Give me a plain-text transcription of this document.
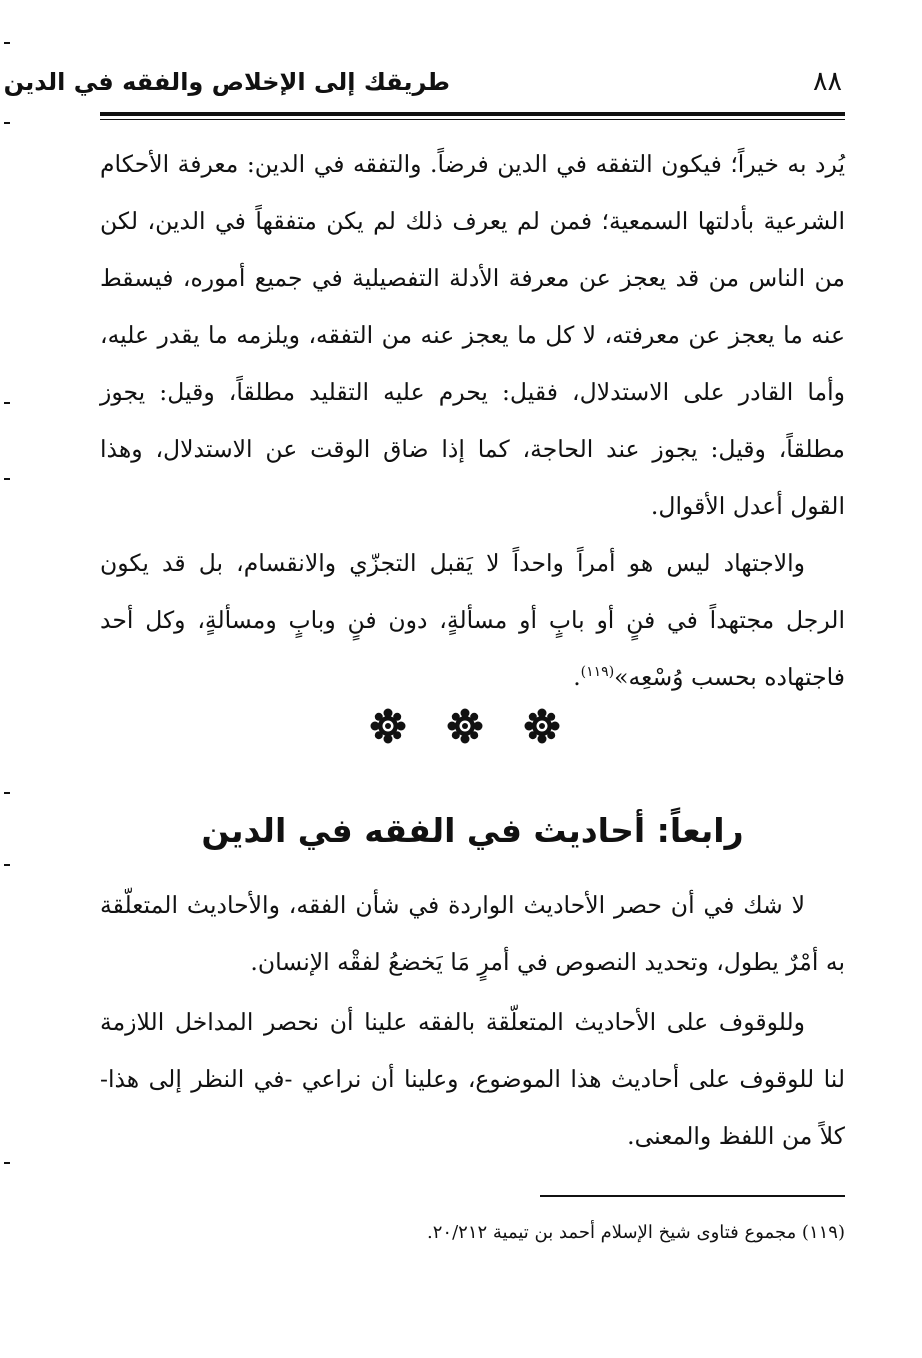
٨٨
طريقك إلى الإخلاص والفقه في الدين

يُرد به خيراً؛ فيكون التفقه في الدين فرضاً. والتفقه في الدين: معرفة الأحكام الشرعية بأدلتها السمعية؛ فمن لم يعرف ذلك لم يكن متفقهاً في الدين، لكن من الناس من قد يعجز عن معرفة الأدلة التفصيلية في جميع أموره، فيسقط عنه ما يعجز عن معرفته، لا كل ما يعجز عنه من التفقه، ويلزمه ما يقدر عليه، وأما القادر على الاستدلال، فقيل: يحرم عليه التقليد مطلقاً، وقيل: يجوز مطلقاً، وقيل: يجوز عند الحاجة، كما إذا ضاق الوقت عن الاستدلال، وهذا القول أعدل الأقوال.

والاجتهاد ليس هو أمراً واحداً لا يَقبل التجزّي والانقسام، بل قد يكون الرجل مجتهداً في فنٍ أو بابٍ أو مسألةٍ، دون فنٍ وبابٍ ومسألةٍ، وكل أحد فاجتهاده بحسب وُسْعِه»$^{(١١٩)}$.

رابعاً: أحاديث في الفقه في الدين

لا شك في أن حصر الأحاديث الواردة في شأن الفقه، والأحاديث المتعلّقة به أمْرٌ يطول، وتحديد النصوص في أمرٍ مَا يَخضعُ لفقْه الإنسان.

وللوقوف على الأحاديث المتعلّقة بالفقه علينا أن نحصر المداخل اللازمة لنا للوقوف على أحاديث هذا الموضوع، وعلينا أن نراعي -في النظر إلى هذا- كلاً من اللفظ والمعنى.

(١١٩) مجموع فتاوى شيخ الإسلام أحمد بن تيمية ٢٠/٢١٢.
